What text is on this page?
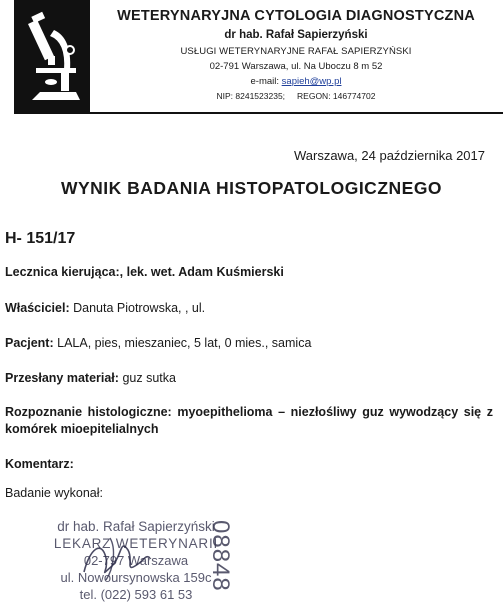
WETERYNARYJNA CYTOLOGIA DIAGNOSTYCZNA
dr hab. Rafał Sapierzyński
USŁUGI WETERYNARYJNE RAFAŁ SAPIERZYŃSKI
02-791 Warszawa, ul. Na Uboczu 8 m 52
e-mail: sapieh@wp.pl
NIP: 8241523235; REGON: 146774702
Warszawa, 24 października 2017
WYNIK BADANIA HISTOPATOLOGICZNEGO
H- 151/17
Lecznica kierująca:, lek. wet. Adam Kuśmierski
Właściciel: Danuta Piotrowska, , ul.
Pacjent: LALA, pies, mieszaniec, 5 lat, 0 mies., samica
Przesłany materiał: guz sutka
Rozpoznanie histologiczne: myoepithelioma – niezłośliwy guz wywodzący się z komórek mioepitelialnych
Komentarz:
Badanie wykonał:
dr hab. Rafał Sapierzyński
LEKARZ WETERYNARII
02-797 Warszawa
ul. Nowoursynowska 159c
tel. (022) 593 61 53
08848
